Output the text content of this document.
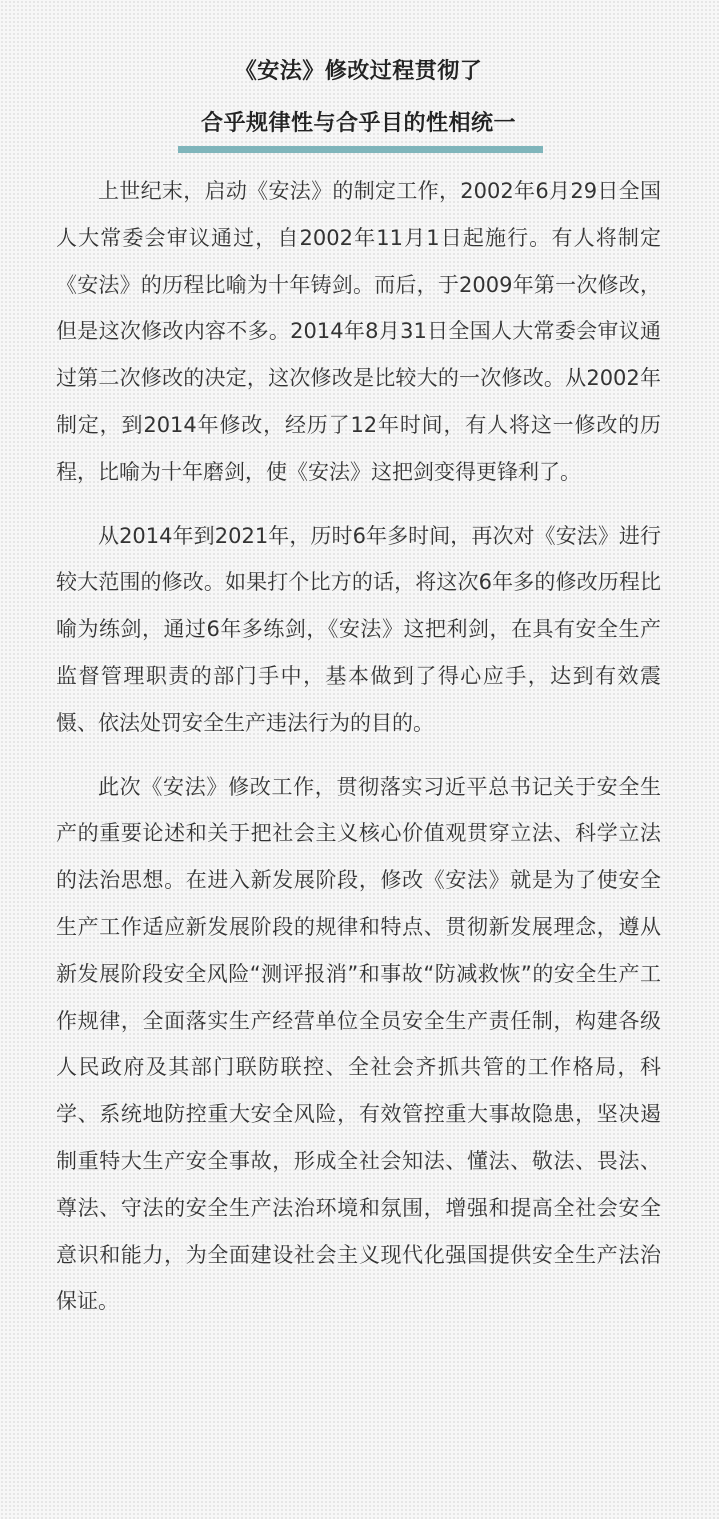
《安法》修改过程贯彻了
合乎规律性与合乎目的性相统一

上世纪末，启动《安法》的制定工作，2002年6月29日全国人大常委会审议通过，自2002年11月1日起施行。有人将制定《安法》的历程比喻为十年铸剑。而后，于2009年第一次修改，但是这次修改内容不多。2014年8月31日全国人大常委会审议通过第二次修改的决定，这次修改是比较大的一次修改。从2002年制定，到2014年修改，经历了12年时间，有人将这一修改的历程，比喻为十年磨剑，使《安法》这把剑变得更锋利了。

从2014年到2021年，历时6年多时间，再次对《安法》进行较大范围的修改。如果打个比方的话，将这次6年多的修改历程比喻为练剑，通过6年多练剑，《安法》这把利剑，在具有安全生产监督管理职责的部门手中，基本做到了得心应手，达到有效震慑、依法处罚安全生产违法行为的目的。

此次《安法》修改工作，贯彻落实习近平总书记关于安全生产的重要论述和关于把社会主义核心价值观贯穿立法、科学立法的法治思想。在进入新发展阶段，修改《安法》就是为了使安全生产工作适应新发展阶段的规律和特点、贯彻新发展理念，遵从新发展阶段安全风险“测评报消”和事故“防减救恢”的安全生产工作规律，全面落实生产经营单位全员安全生产责任制，构建各级人民政府及其部门联防联控、全社会齐抓共管的工作格局，科学、系统地防控重大安全风险，有效管控重大事故隐患，坚决遏制重特大生产安全事故，形成全社会知法、懂法、敬法、畏法、尊法、守法的安全生产法治环境和氛围，增强和提高全社会安全意识和能力，为全面建设社会主义现代化强国提供安全生产法治保证。
